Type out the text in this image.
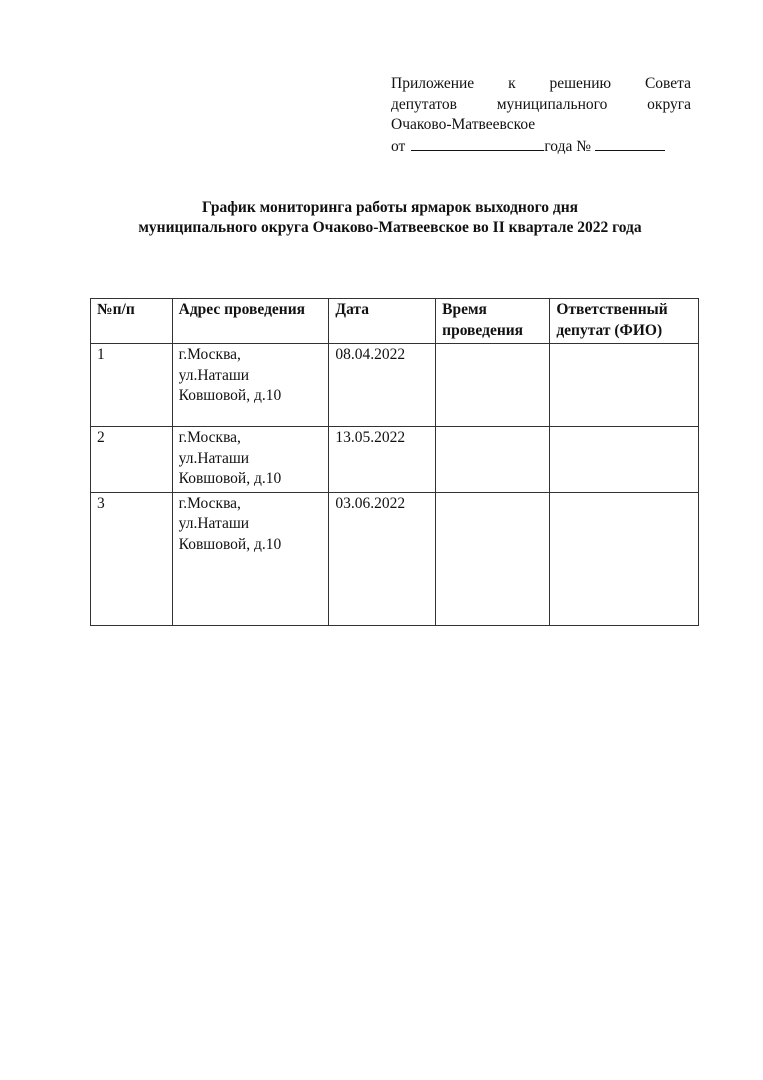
Приложение к решению Совета
депутатов муниципального округа
Очаково-Матвеевское
от	года №
График мониторинга работы ярмарок выходного дня
муниципального округа Очаково-Матвеевское во II квартале 2022 года
№п/п	Адрес проведения	Дата	Время проведения	Ответственный депутат (ФИО)
1	г.Москва,
ул.Наташи
Ковшовой, д.10	08.04.2022		
2	г.Москва,
ул.Наташи
Ковшовой, д.10	13.05.2022		
3	г.Москва,
ул.Наташи
Ковшовой, д.10	03.06.2022		
